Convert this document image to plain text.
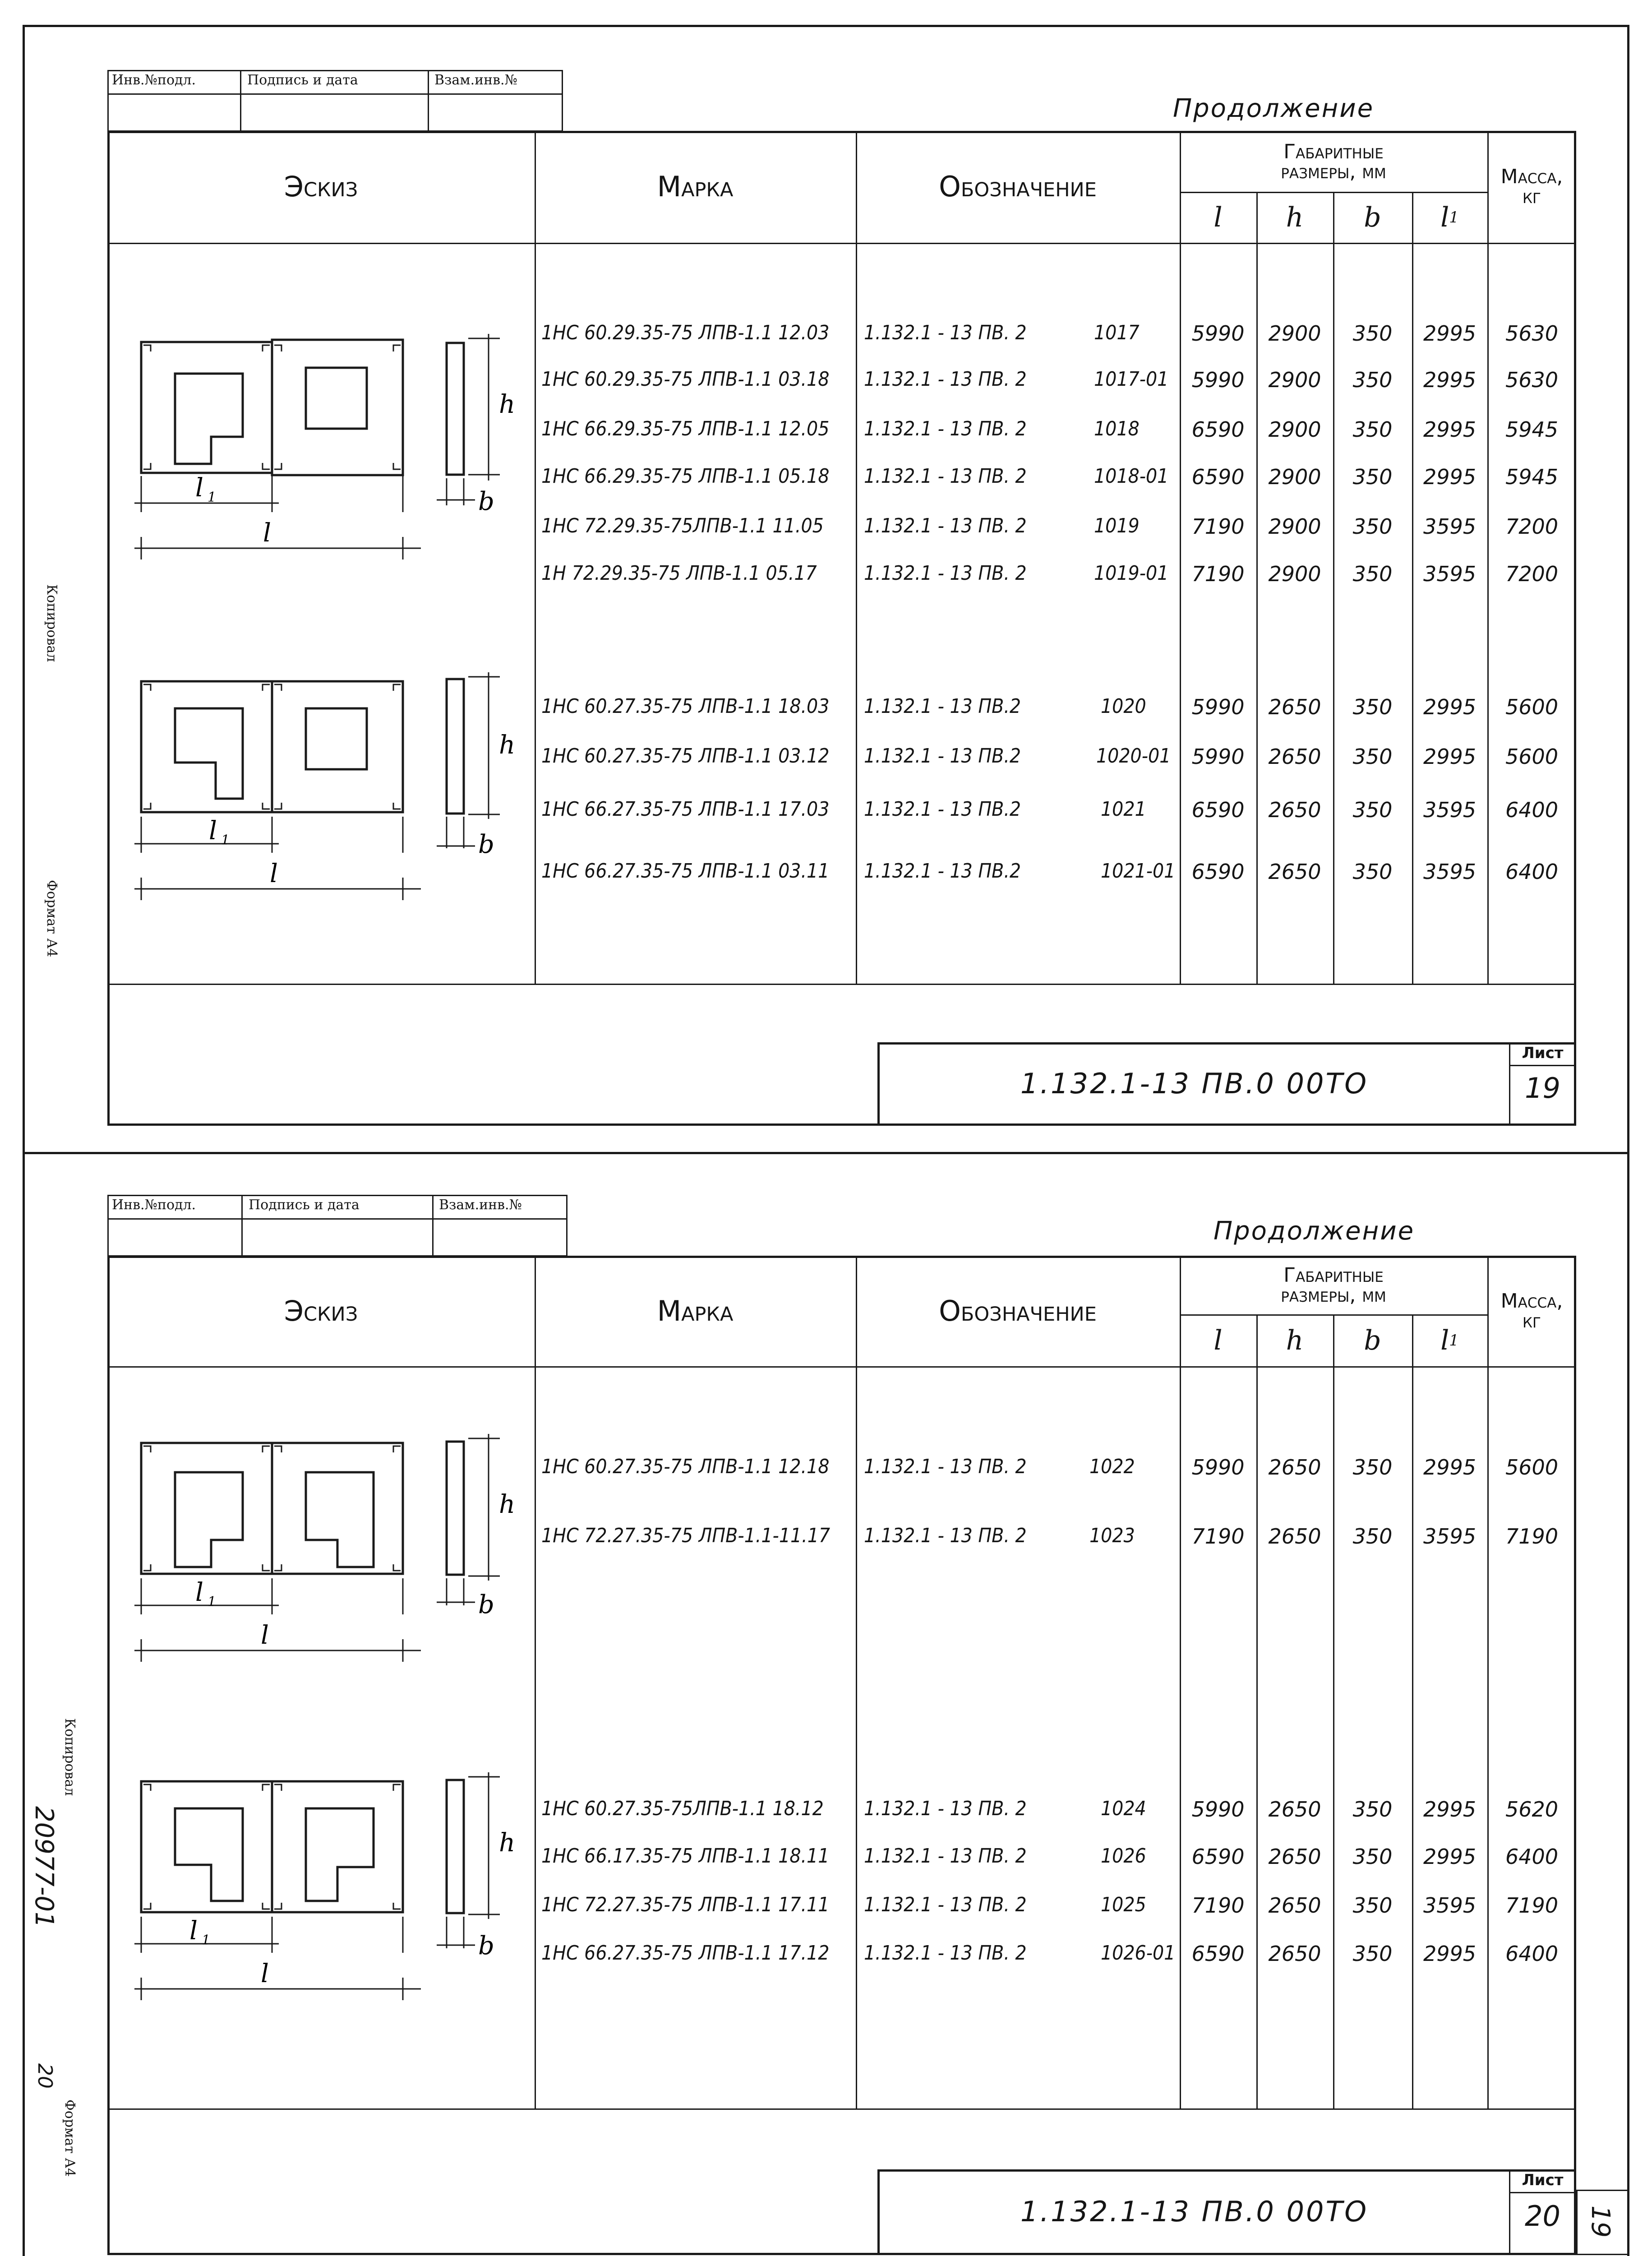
Инв.№подл.	Подпись и дата	Взам.инв.№
Продолжение
Эскиз	Марка	Обозначение
Габаритные
размеры, мм	Масса,
кг
l	h	b	l 1
l 1
l
h
b
l 1
l
h
b
1НС 60.29.35-75 ЛПВ-1.1 12.03 1.132.1 - 13 ПВ. 2	1017	5990	2900	350	2995	5630
1НС 60.29.35-75 ЛПВ-1.1 03.18 1.132.1 - 13 ПВ. 2	1017-01	5990	2900	350	2995	5630
1НС 66.29.35-75 ЛПВ-1.1 12.05 1.132.1 - 13 ПВ. 2	1018	6590	2900	350	2995	5945
1НС 66.29.35-75 ЛПВ-1.1 05.18 1.132.1 - 13 ПВ. 2	1018-01	6590	2900	350	2995	5945
1НС 72.29.35-75ЛПВ-1.1 11.05 1.132.1 - 13 ПВ. 2	1019	7190	2900	350	3595	7200
1Н 72.29.35-75 ЛПВ-1.1 05.17 1.132.1 - 13 ПВ. 2	1019-01	7190	2900	350	3595	7200
1НС 60.27.35-75 ЛПВ-1.1 18.03 1.132.1 - 13 ПВ.2	1020	5990	2650	350	2995	5600
1НС 60.27.35-75 ЛПВ-1.1 03.12 1.132.1 - 13 ПВ.2	1020-01	5990	2650	350	2995	5600
1НС 66.27.35-75 ЛПВ-1.1 17.03 1.132.1 - 13 ПВ.2	1021	6590	2650	350	3595	6400
1НС 66.27.35-75 ЛПВ-1.1 03.11 1.132.1 - 13 ПВ.2	1021-01 6590	2650	350	3595	6400
1.132.1-13 ПВ.0 00ТО
Лист
19
Копировал
Формат А4
Инв.№подл.	Подпись и дата	Взам.инв.№
Продолжение
Эскиз	Марка	Обозначение
Габаритные
размеры, мм	Масса,
кг
l	h	b	l 1
l 1
l
h
b
l 1
l
h
b
1НС 60.27.35-75 ЛПВ-1.1 12.18 1.132.1 - 13 ПВ. 2	1022	5990	2650	350	2995	5600
1НС 72.27.35-75 ЛПВ-1.1-11.17 1.132.1 - 13 ПВ. 2	1023	7190	2650	350	3595	7190
1НС 60.27.35-75ЛПВ-1.1 18.12 1.132.1 - 13 ПВ. 2	1024	5990	2650	350	2995	5620
1НС 66.17.35-75 ЛПВ-1.1 18.11 1.132.1 - 13 ПВ. 2	1026	6590	2650	350	2995	6400
1НС 72.27.35-75 ЛПВ-1.1 17.11 1.132.1 - 13 ПВ. 2	1025	7190	2650	350	3595	7190
1НС 66.27.35-75 ЛПВ-1.1 17.12 1.132.1 - 13 ПВ. 2	1026-01 6590	2650	350	2995	6400
1.132.1-13 ПВ.0 00ТО
Лист
20	19
Копировал
20977-01
20
Формат А4
